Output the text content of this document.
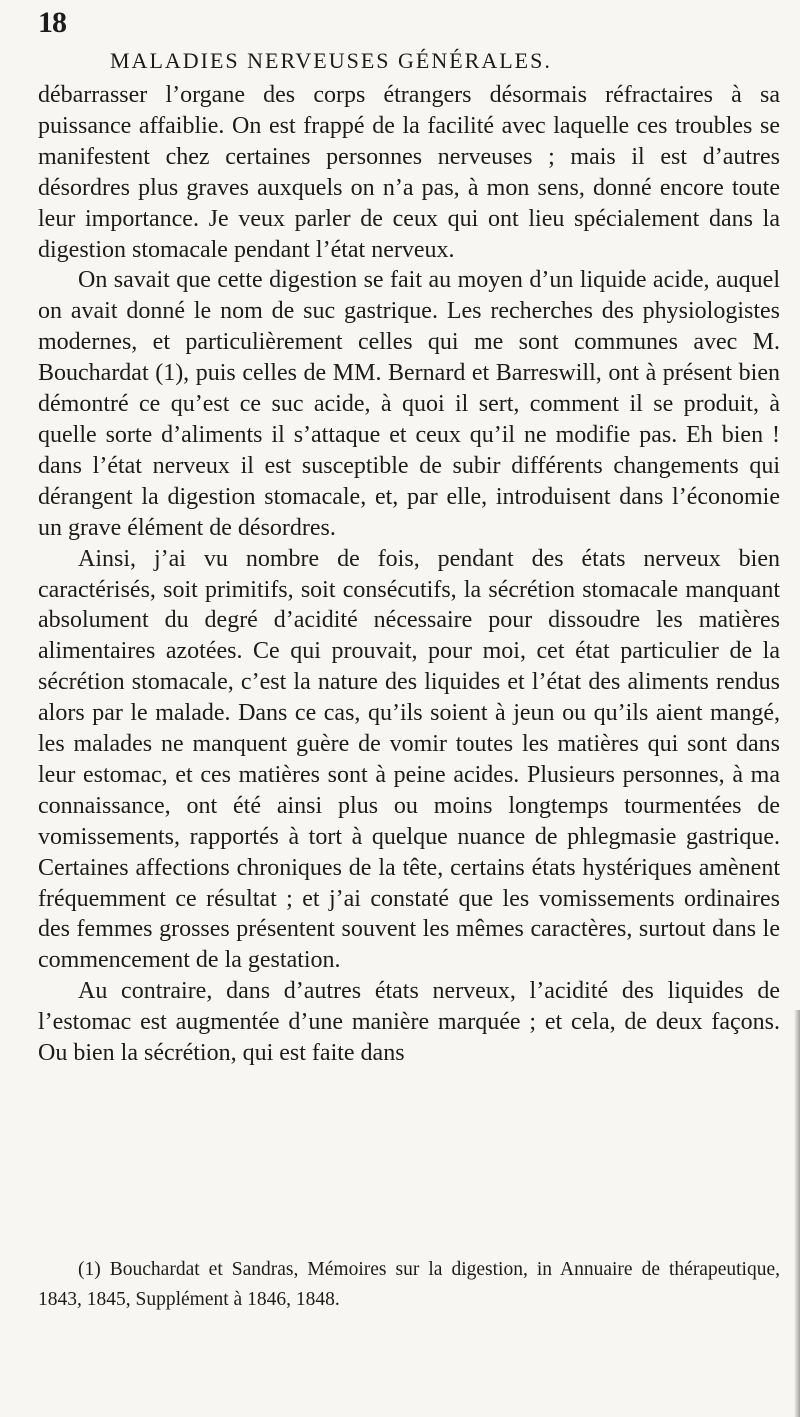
18
MALADIES NERVEUSES GÉNÉRALES.

débarrasser l’organe des corps étrangers désormais réfractaires à sa puissance affaiblie. On est frappé de la facilité avec laquelle ces troubles se manifestent chez certaines personnes nerveuses ; mais il est d’autres désordres plus graves auxquels on n’a pas, à mon sens, donné encore toute leur importance. Je veux parler de ceux qui ont lieu spécialement dans la digestion stomacale pendant l’état nerveux.

On savait que cette digestion se fait au moyen d’un liquide acide, auquel on avait donné le nom de suc gastrique. Les recherches des physiologistes modernes, et particulièrement celles qui me sont communes avec M. Bouchardat (1), puis celles de MM. Bernard et Barreswill, ont à présent bien démontré ce qu’est ce suc acide, à quoi il sert, comment il se produit, à quelle sorte d’aliments il s’attaque et ceux qu’il ne modifie pas. Eh bien ! dans l’état nerveux il est susceptible de subir différents changements qui dérangent la digestion stomacale, et, par elle, introduisent dans l’économie un grave élément de désordres.

Ainsi, j’ai vu nombre de fois, pendant des états nerveux bien caractérisés, soit primitifs, soit consécutifs, la sécrétion stomacale manquant absolument du degré d’acidité nécessaire pour dissoudre les matières alimentaires azotées. Ce qui prouvait, pour moi, cet état particulier de la sécrétion stomacale, c’est la nature des liquides et l’état des aliments rendus alors par le malade. Dans ce cas, qu’ils soient à jeun ou qu’ils aient mangé, les malades ne manquent guère de vomir toutes les matières qui sont dans leur estomac, et ces matières sont à peine acides. Plusieurs personnes, à ma connaissance, ont été ainsi plus ou moins longtemps tourmentées de vomissements, rapportés à tort à quelque nuance de phlegmasie gastrique. Certaines affections chroniques de la tête, certains états hystériques amènent fréquemment ce résultat ; et j’ai constaté que les vomissements ordinaires des femmes grosses présentent souvent les mêmes caractères, surtout dans le commencement de la gestation.

Au contraire, dans d’autres états nerveux, l’acidité des liquides de l’estomac est augmentée d’une manière marquée ; et cela, de deux façons. Ou bien la sécrétion, qui est faite dans

(1) Bouchardat et Sandras, Mémoires sur la digestion, in Annuaire de thérapeutique, 1843, 1845, Supplément à 1846, 1848.
